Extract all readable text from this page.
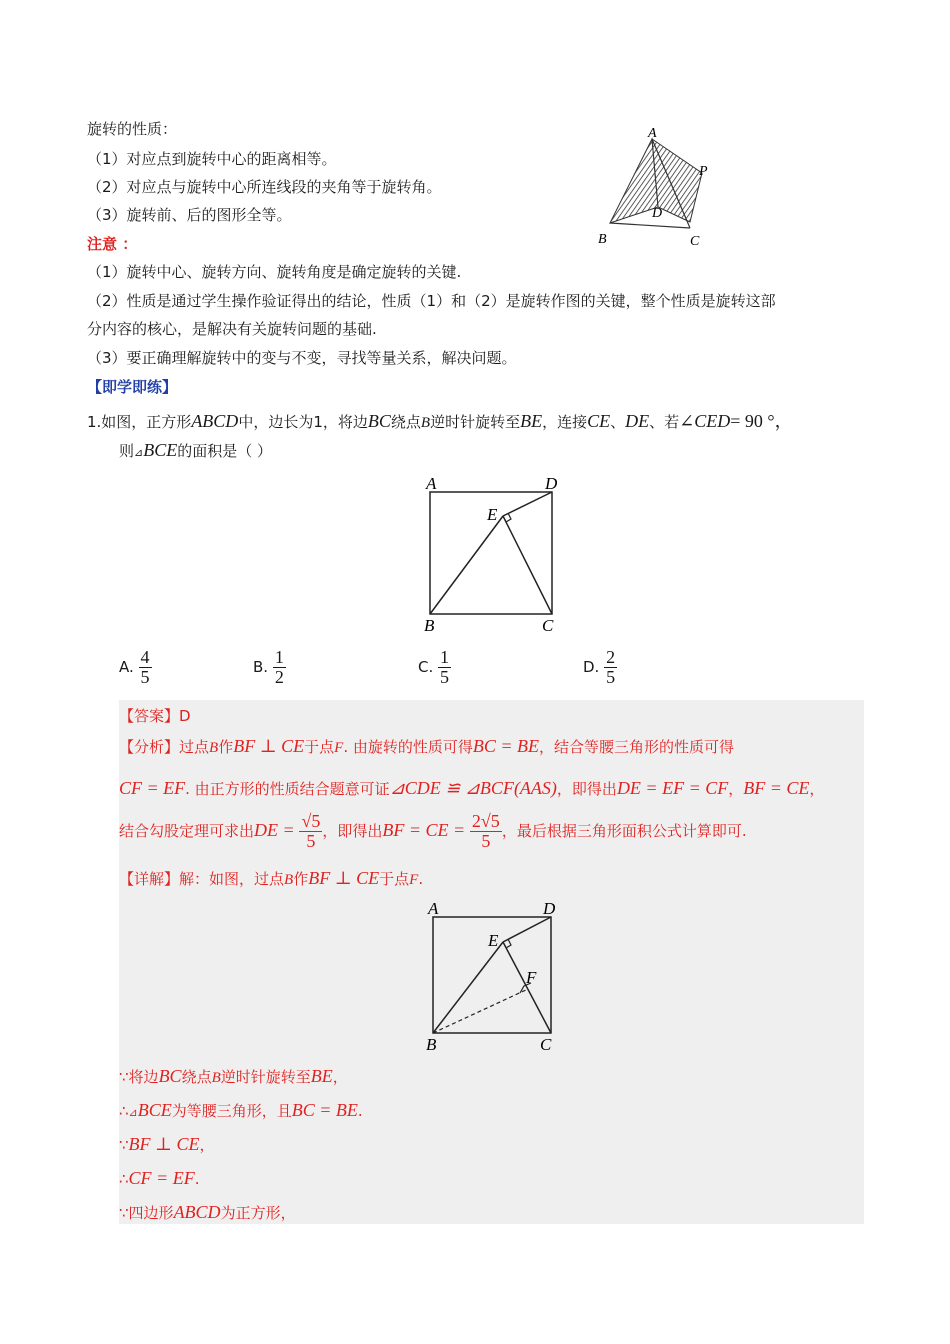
旋转的性质：
（1）对应点到旋转中心的距离相等。
（2）对应点与旋转中心所连线段的夹角等于旋转角。
（3）旋转前、后的图形全等。
A
P
D
B	C
注意 ：
（1）旋转中心、旋转方向、旋转角度是确定旋转的关键.
（2）性质是通过学生操作验证得出的结论，性质（1）和（2）是旋转作图的关键，整个性质是旋转这部
分内容的核心，是解决有关旋转问题的基础.
（3）要正确理解旋转中的变与不变，寻找等量关系，解决问题。
【即学即练】
1.如图，正方形ABCD中，边长为1，将边BC绕点B逆时针旋转至BE，连接CE、DE、若∠CED= 90 °，
则⊿BCE的面积是（ ）
A	D
E
B	C
A. $\frac{4}{5}$	B. $\frac{1}{2}$	C. $\frac{1}{5}$	D. $\frac{2}{5}$
【答案】D
【分析】过点B作BF ⊥ CE于点F. 由旋转的性质可得BC = BE，结合等腰三角形的性质可得
CF = EF. 由正方形的性质结合题意可证⊿CDE ≌ ⊿BCF(AAS)，即得出DE = EF = CF，BF = CE，
结合勾股定理可求出DE = $\frac{√5}{5}$ ，即得出BF = CE = $\frac{2√5}{5}$ ，最后根据三角形面积公式计算即可.
【详解】解：如图，过点B作BF ⊥ CE于点F.
A	D
E
F
B	C
∵将边BC绕点B逆时针旋转至BE，
∴⊿BCE为等腰三角形，且BC = BE.
∵BF ⊥ CE，
∴CF = EF.
∵四边形ABCD为正方形，
